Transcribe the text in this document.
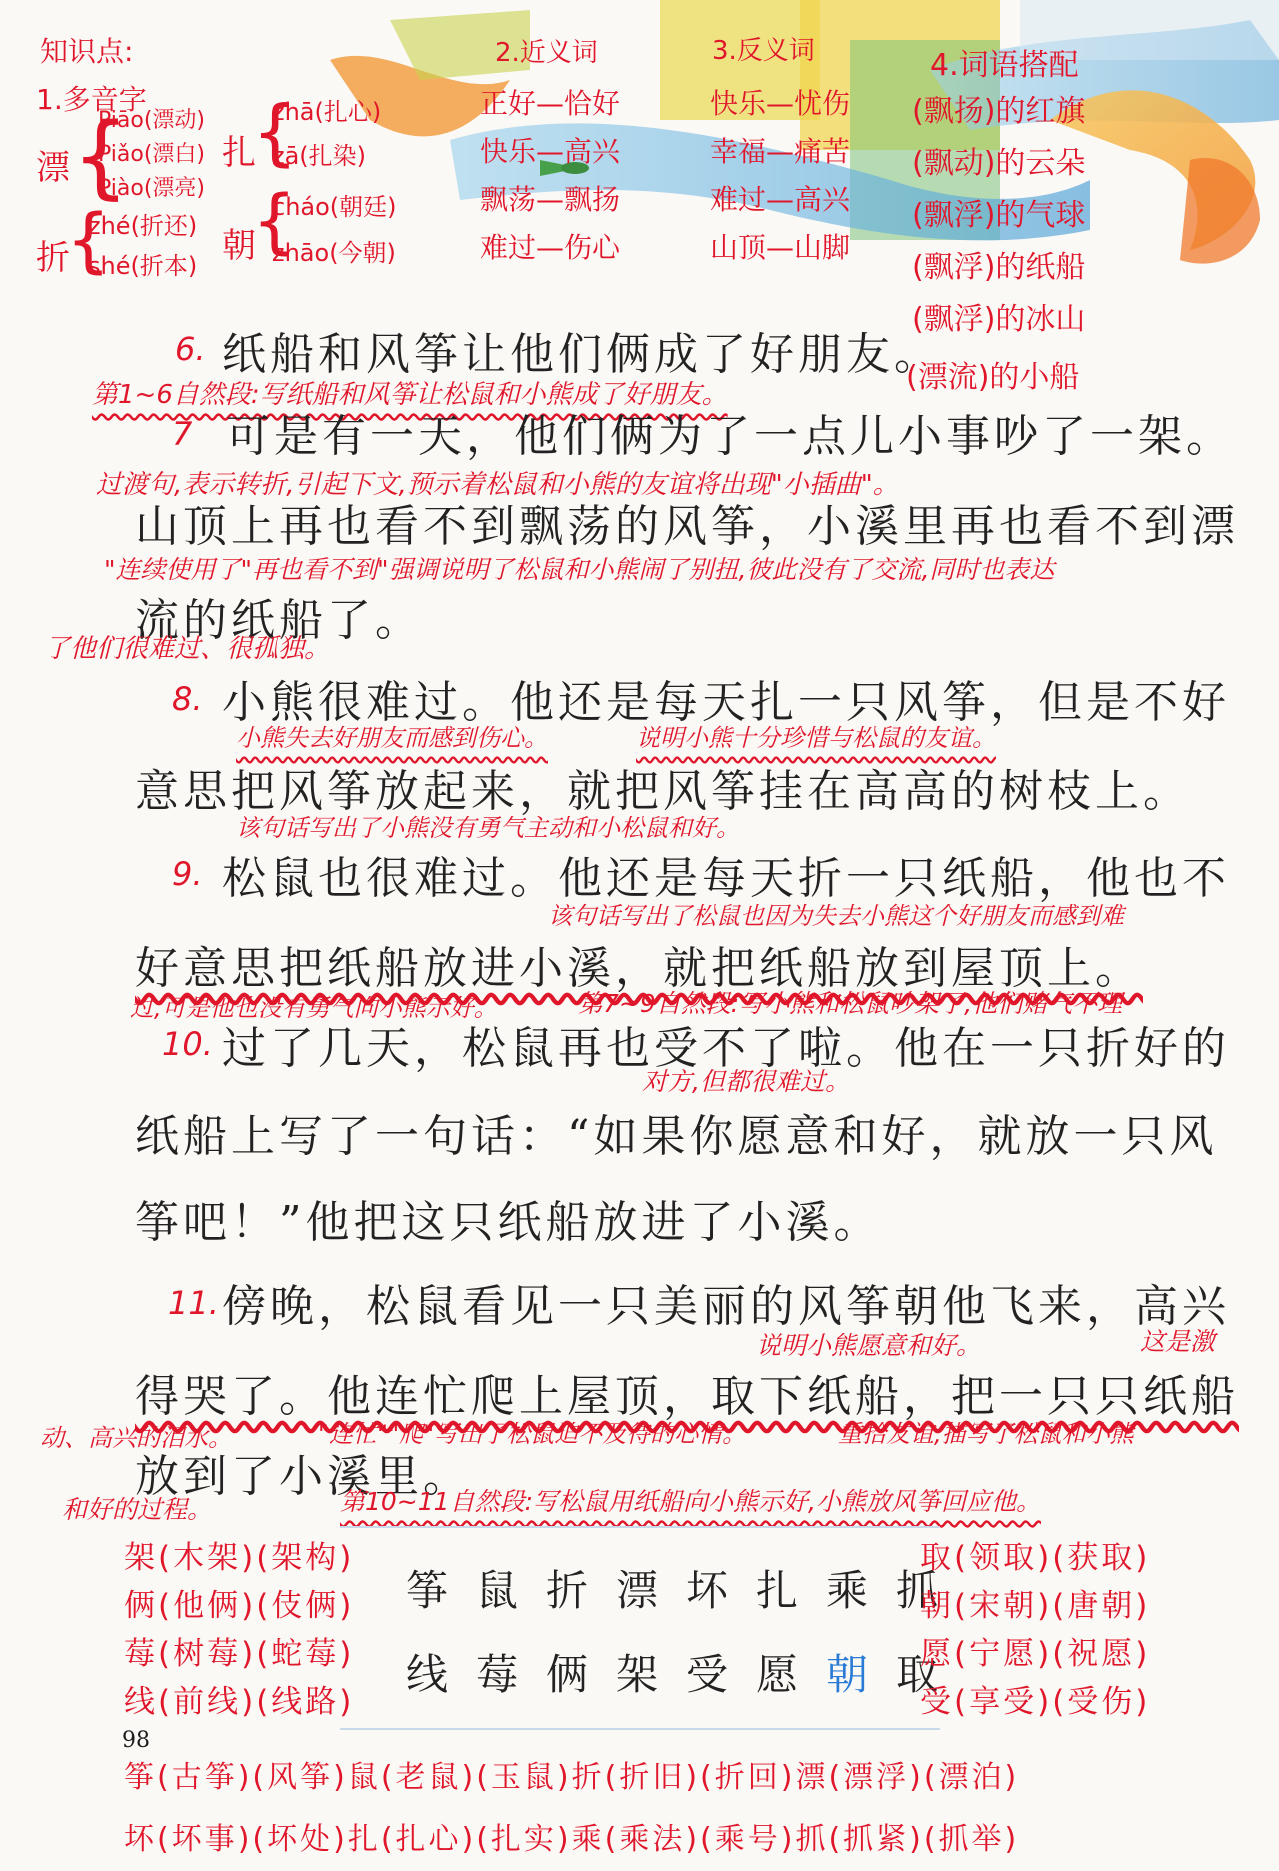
知识点:
1.多音字
漂 {
Piāo(漂动)
Piǎo(漂白)
Piào(漂亮)
扎
{
zhā(扎心)
zā(扎染)
折
{
zhé(折还)
shé(折本) 朝
{
cháo(朝廷)
zhāo(今朝)
2.近义词
正好—恰好
快乐—高兴
飘荡—飘扬
难过—伤心
3.反义词
快乐—忧伤
幸福—痛苦
难过—高兴
山顶—山脚
4.词语搭配
(飘扬)的红旗
(飘动)的云朵
(飘浮)的气球
(飘浮)的纸船
(飘浮)的冰山
(漂流)的小船
6. 纸船和风筝让他们俩成了好朋友。
第1~6自然段:写纸船和风筝让松鼠和小熊成了好朋友。
7 可是有一天，他们俩为了一点儿小事吵了一架。
过渡句,表示转折,引起下文,预示着松鼠和小熊的友谊将出现"小插曲"。
山顶上再也看不到飘荡的风筝，小溪里再也看不到漂
"连续使用了"再也看不到"强调说明了松鼠和小熊闹了别扭,彼此没有了交流,同时也表达
流的纸船了。
了他们很难过、很孤独。
8. 小熊很难过。他还是每天扎一只风筝，但是不好
小熊失去好朋友而感到伤心。	说明小熊十分珍惜与松鼠的友谊。
意思把风筝放起来，就把风筝挂在高高的树枝上。
该句话写出了小熊没有勇气主动和小松鼠和好。
9. 松鼠也很难过。他还是每天折一只纸船，他也不
该句话写出了松鼠也因为失去小熊这个好朋友而感到难
好意思把纸船放进小溪，就把纸船放到屋顶上。
过,可是他也没有勇气向小熊示好。	第7~9自然段:写小熊和松鼠吵架了,他们赌气不理
10. 过了几天，松鼠再也受不了啦。他在一只折好的
对方,但都很难过。
纸船上写了一句话：“如果你愿意和好，就放一只风
筝吧！”他把这只纸船放进了小溪。
11. 傍晚，松鼠看见一只美丽的风筝朝他飞来，高兴
说明小熊愿意和好。	这是激
得哭了。他连忙爬上屋顶，取下纸船，把一只只纸船
动、高兴的泪水。	"连忙""爬"写出了松鼠迫不及待的心情。	重拾友谊,描写了松鼠和小熊
放到了小溪里。
和好的过程。	第10~11自然段:写松鼠用纸船向小熊示好,小熊放风筝回应他。
筝鼠折漂坏扎乘抓
线莓俩架受愿朝取
架(木架)(架构)
俩(他俩)(伎俩)
莓(树莓)(蛇莓)
线(前线)(线路)
取(领取)(获取)
朝(宋朝)(唐朝)
愿(宁愿)(祝愿)
受(享受)(受伤)
98
筝(古筝)(风筝)鼠(老鼠)(玉鼠)折(折旧)(折回)漂(漂浮)(漂泊)
坏(坏事)(坏处)扎(扎心)(扎实)乘(乘法)(乘号)抓(抓紧)(抓举)
